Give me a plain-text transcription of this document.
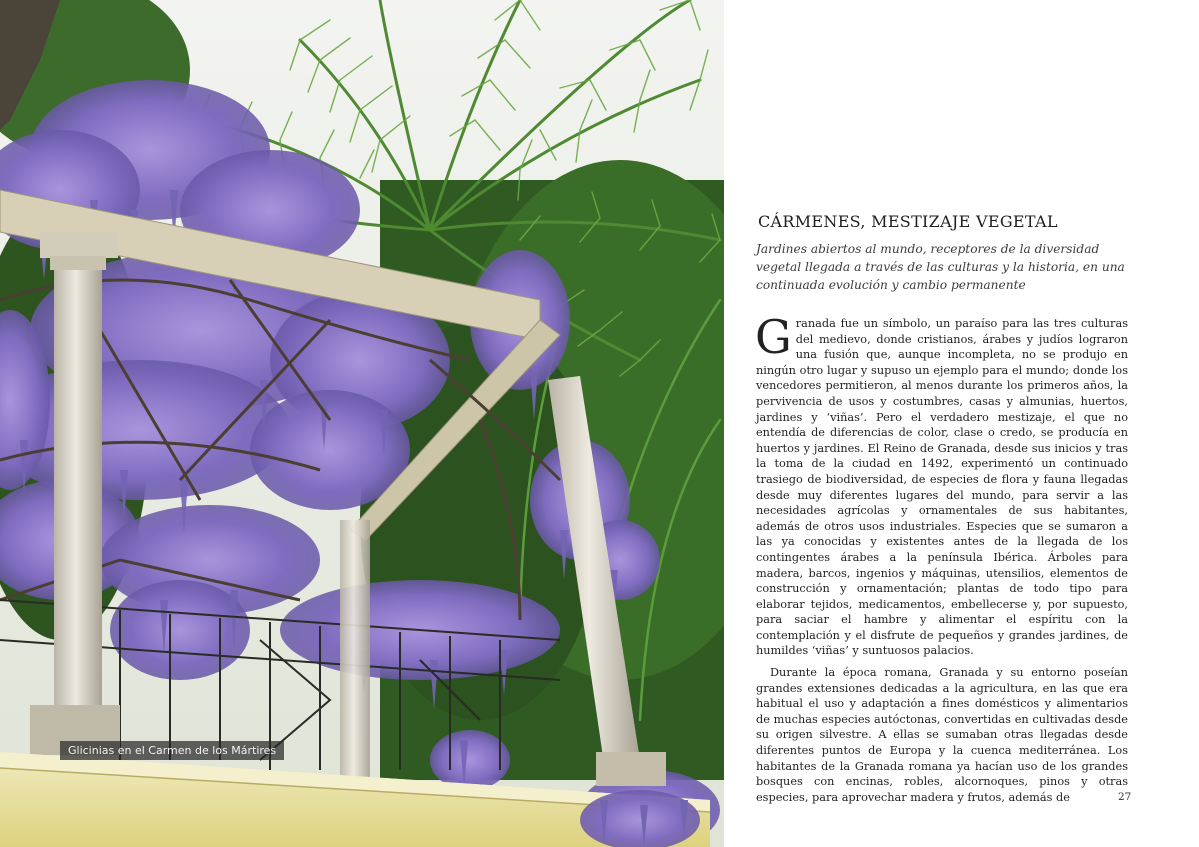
Glicinias en el Carmen de los Mártires
CÁRMENES, MESTIZAJE VEGETAL

Jardines abiertos al mundo, receptores de la diversidad vegetal llegada a través de las culturas y la historia, en una continuada evolución y cambio permanente

Granada fue un símbolo, un paraíso para las tres culturas del medievo, donde cristianos, árabes y judíos lograron una fusión que, aunque incompleta, no se produjo en ningún otro lugar y supuso un ejemplo para el mundo; donde los vencedores permitieron, al menos durante los primeros años, la pervivencia de usos y costumbres, casas y almunias, huertos, jardines y ‘viñas’. Pero el verdadero mestizaje, el que no entendía de diferencias de color, clase o credo, se producía en huertos y jardines. El Reino de Granada, desde sus inicios y tras la toma de la ciudad en 1492, experimentó un continuado trasiego de biodiversidad, de especies de flora y fauna llegadas desde muy diferentes lugares del mundo, para servir a las necesidades agrícolas y ornamentales de sus habitantes, además de otros usos industriales. Especies que se sumaron a las ya conocidas y existentes antes de la llegada de los contingentes árabes a la península Ibérica. Árboles para madera, barcos, ingenios y máquinas, utensilios, elementos de construcción y ornamentación; plantas de todo tipo para elaborar tejidos, medicamentos, embellecerse y, por supuesto, para saciar el hambre y alimentar el espíritu con la contemplación y el disfrute de pequeños y grandes jardines, de humildes ‘viñas’ y suntuosos palacios.

Durante la época romana, Granada y su entorno poseían grandes extensiones dedicadas a la agricultura, en las que era habitual el uso y adaptación a fines domésticos y alimentarios de muchas especies autóctonas, convertidas en cultivadas desde su origen silvestre. A ellas se sumaban otras llegadas desde diferentes puntos de Europa y la cuenca mediterránea. Los habitantes de la Granada romana ya hacían uso de los grandes bosques con encinas, robles, alcornoques, pinos y otras especies, para aprovechar madera y frutos, además de	27
